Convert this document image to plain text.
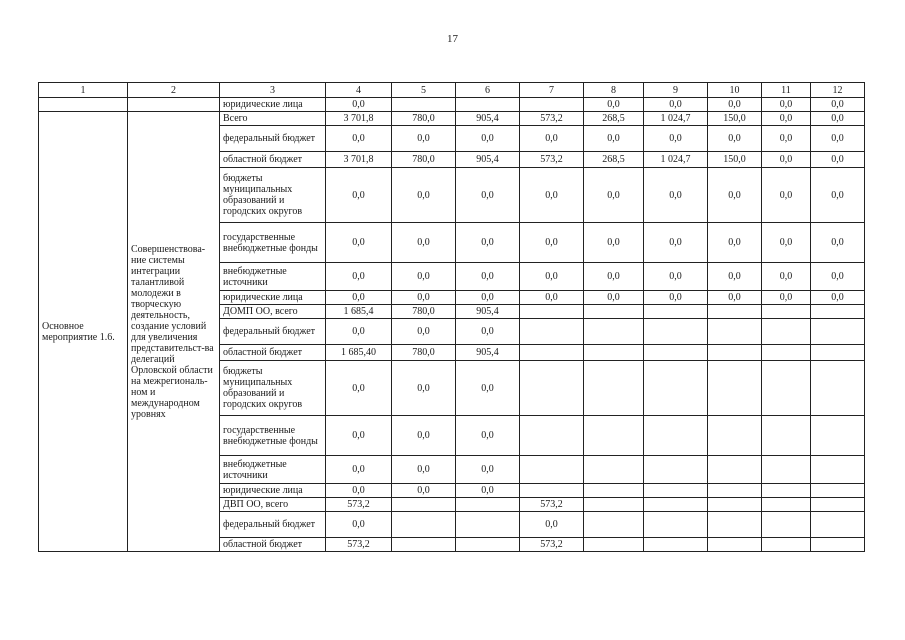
17
1	2	3	4	5	6	7	8	9	10	11	12
		юридические лица	0,0				0,0	0,0	0,0	0,0	0,0
Основное мероприятие 1.6.	Совершенствова-ние системы интеграции талантливой молодежи в творческую деятельность, создание условий для увеличения представительст-ва делегаций Орловской области на межрегиональ-ном и международном уровнях	Всего	3 701,8	780,0	905,4	573,2	268,5	1 024,7	150,0	0,0	0,0
		федеральный бюджет	0,0	0,0	0,0	0,0	0,0	0,0	0,0	0,0	0,0
		областной бюджет	3 701,8	780,0	905,4	573,2	268,5	1 024,7	150,0	0,0	0,0
		бюджеты муниципальных образований и городских округов	0,0	0,0	0,0	0,0	0,0	0,0	0,0	0,0	0,0
		государственные внебюджетные фонды	0,0	0,0	0,0	0,0	0,0	0,0	0,0	0,0	0,0
		внебюджетные источники	0,0	0,0	0,0	0,0	0,0	0,0	0,0	0,0	0,0
		юридические лица	0,0	0,0	0,0	0,0	0,0	0,0	0,0	0,0	0,0
		ДОМП ОО, всего	1 685,4	780,0	905,4						
		федеральный бюджет	0,0	0,0	0,0						
		областной бюджет	1 685,40	780,0	905,4						
		бюджеты муниципальных образований и городских округов	0,0	0,0	0,0						
		государственные внебюджетные фонды	0,0	0,0	0,0						
		внебюджетные источники	0,0	0,0	0,0						
		юридические лица	0,0	0,0	0,0						
		ДВП ОО, всего	573,2			573,2					
		федеральный бюджет	0,0			0,0					
		областной бюджет	573,2			573,2					
